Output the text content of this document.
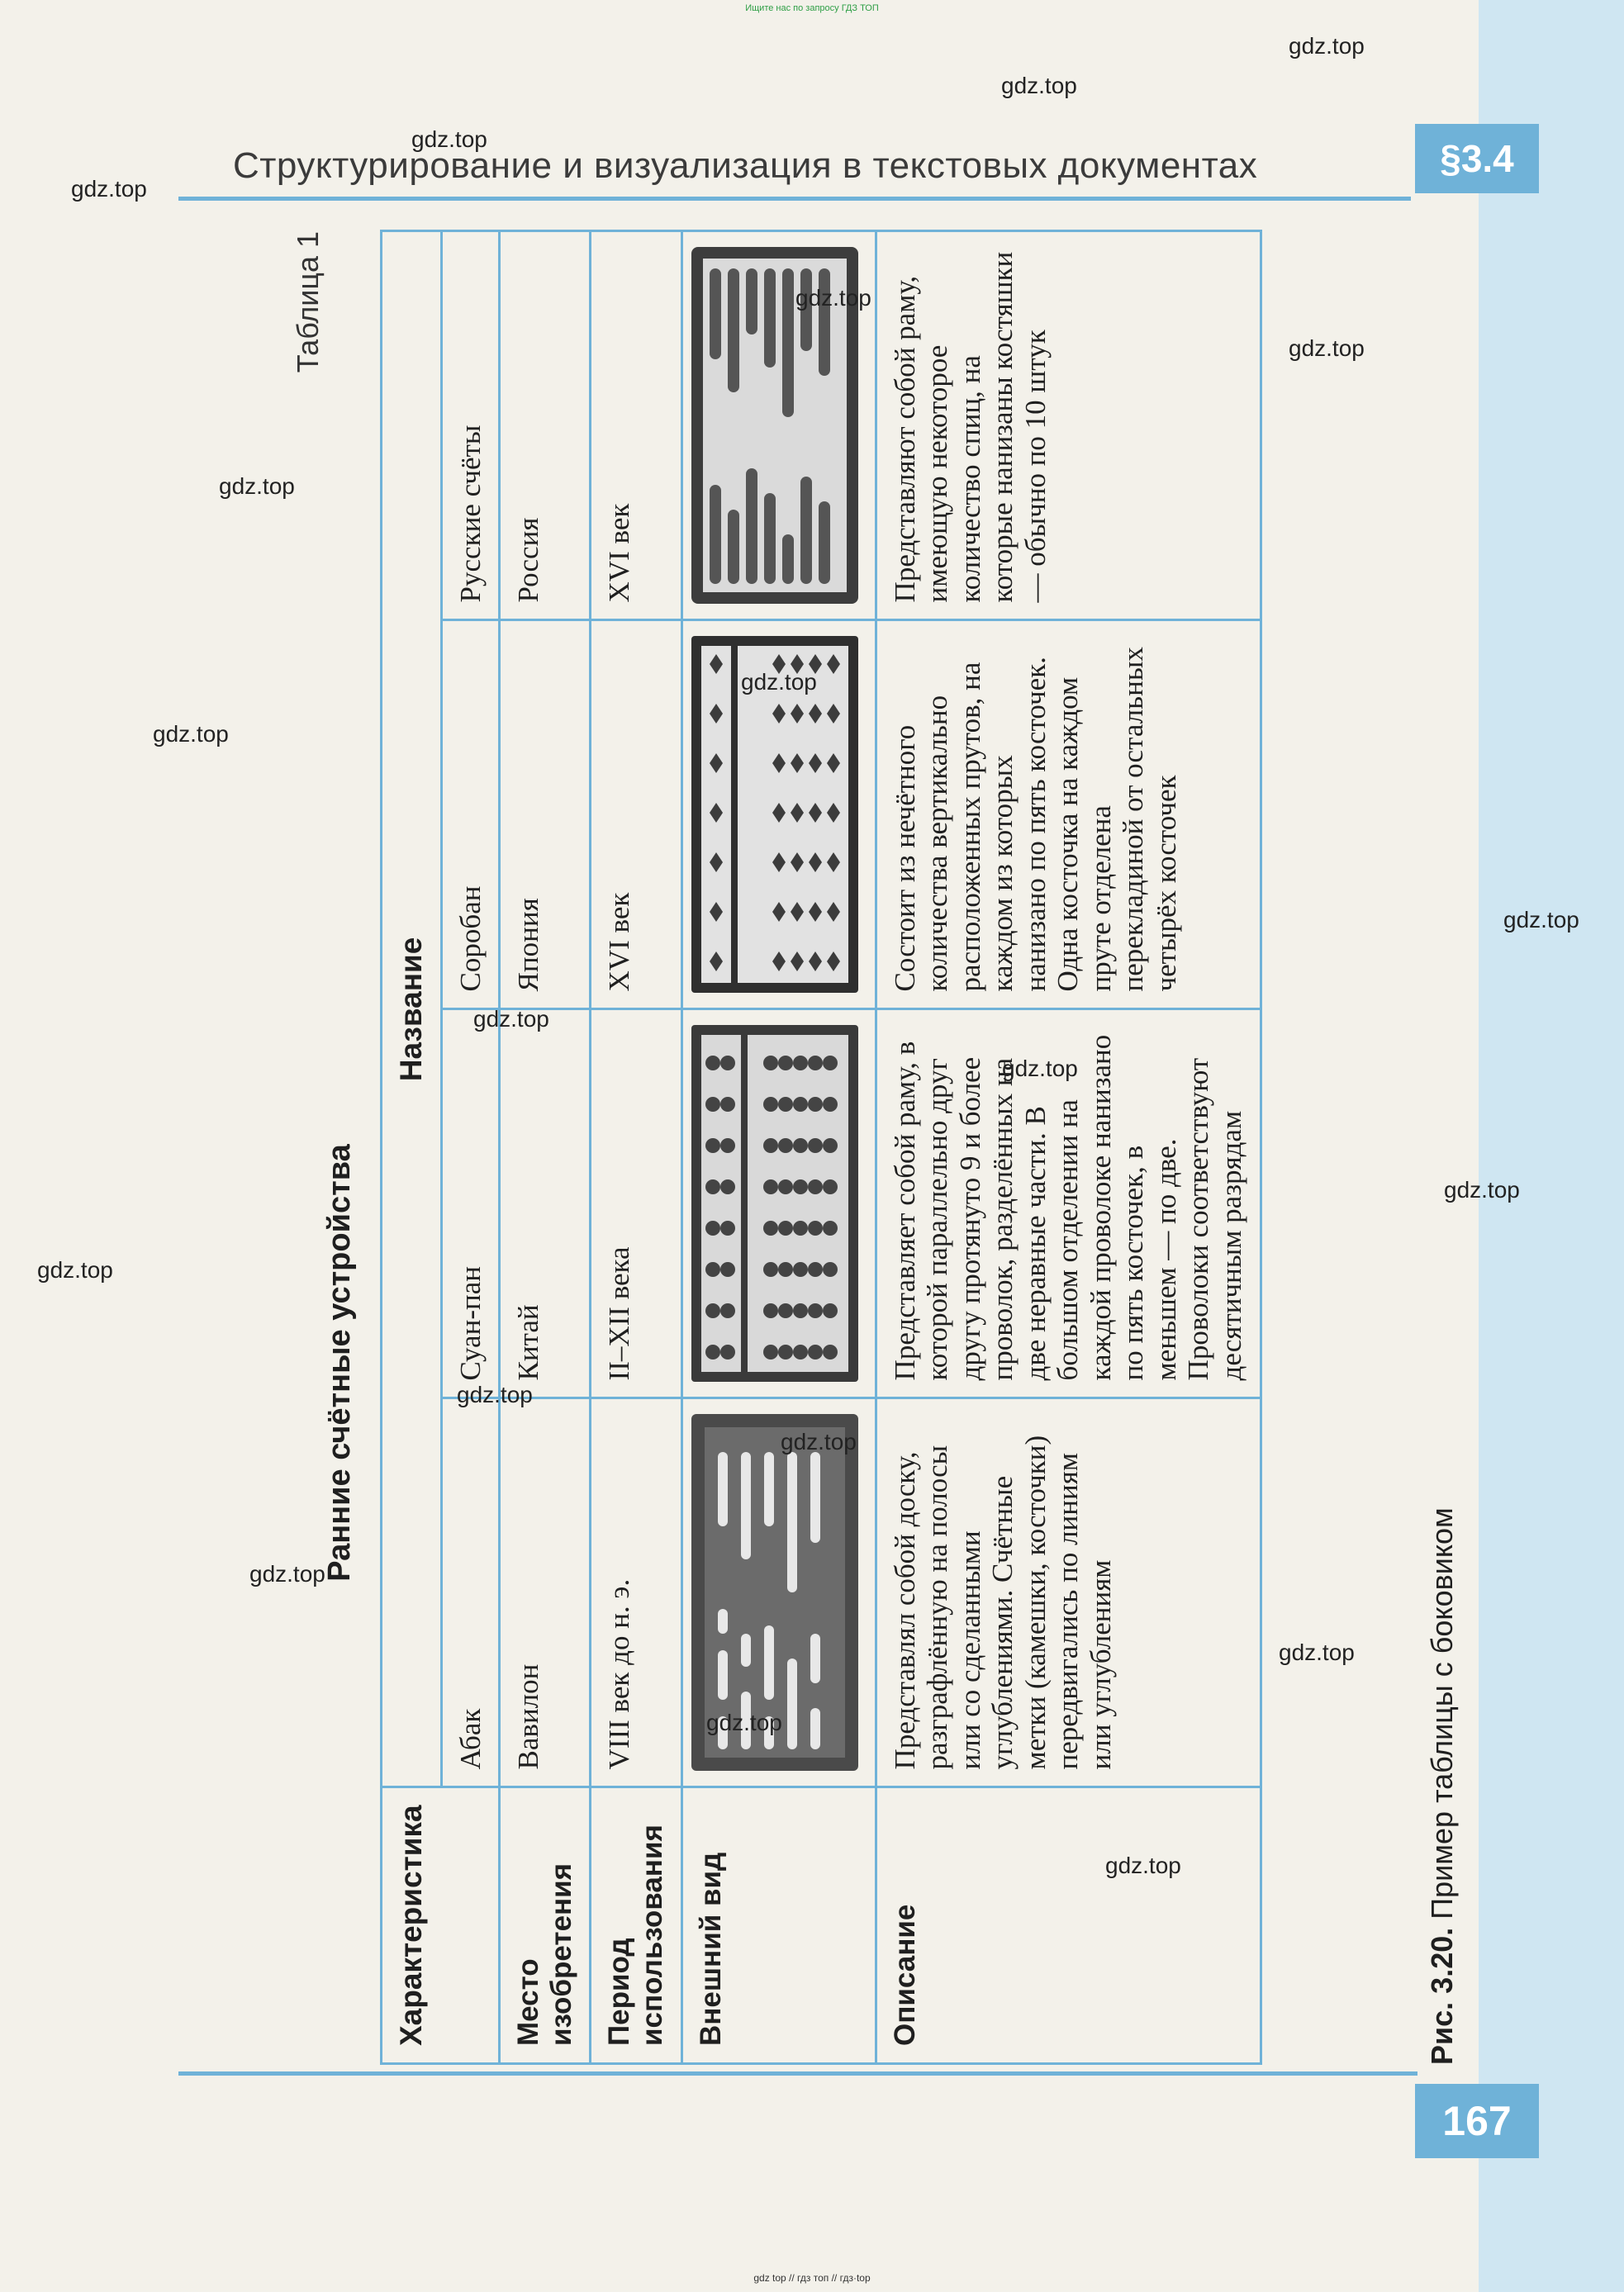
Ищите нас по запросу ГДЗ ТОП
Структурирование и визуализация в текстовых документах	§3.4
Таблица 1
Ранние счётные устройства
Характеристика	Название			
	Абак	Суан-пан	Соробан	Русские счёты
Место изобретения	Вавилон	Китай	Япония	Россия
Период использования	VIII век до н. э.	II–XII века	XVI век	XVI век
Внешний вид	

Описание	Представлял собой доску, разграфлённую на полосы или со сделанными углублениями. Счётные метки (камешки, косточки) передвигались по линиям или углублениям	Представляет собой раму, в которой параллельно друг другу протянуто 9 и более проволок, разделённых на две неравные части. В большом отделении на каждой проволоке нанизано по пять косточек, в меньшем — по две. Проволоки соответствуют десятичным разрядам	Состоит из нечётного количества вертикально расположенных прутов, на каждом из которых нанизано по пять косточек. Одна косточка на каждом пруте отделена перекладиной от остальных четырёх косточек	Представляют собой раму, имеющую некоторое количество спиц, на которые нанизаны костяшки — обычно по 10 штук
Рис. 3.20. Пример таблицы с боковиком
167
gdz.top
gdz.top
gdz.top
gdz.top
gdz.top
gdz.top
gdz.top
gdz.top
gdz.top
gdz.top
gdz.top
gdz.top
gdz.top
gdz.top
gdz.top
gdz.top
gdz.top
gdz.top
gdz.top
gdz.top
gdz top // гдз топ // гдз·top
